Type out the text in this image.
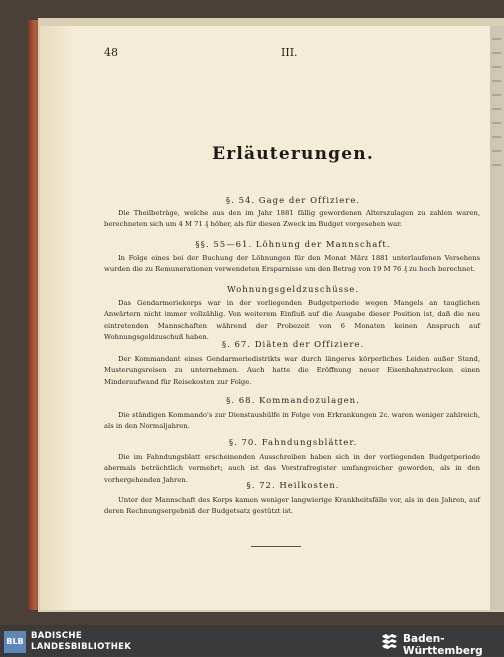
48	III.
Erläuterungen.
§. 54. Gage der Offiziere.
Die Theilbeträge, welche aus den im Jahr 1881 fällig gewordenen Alterszulagen zu zahlen waren, berechneten sich um 4 M 71 ₰ höher, als für diesen Zweck im Budget vorgesehen war.
§§. 55—61. Löhnung der Mannschaft.
In Folge eines bei der Buchung der Löhnungen für den Monat März 1881 unterlaufenen Versehens wurden die zu Remunerationen verwendeten Ersparnisse um den Betrag von 19 M 76 ₰ zu hoch berechnet.
Wohnungsgeldzuschüsse.
Das Gendarmeriekorps war in der vorliegenden Budgetperiode wegen Mangels an tauglichen Anwärtern nicht immer vollzählig. Von weiterem Einfluß auf die Ausgabe dieser Position ist, daß die neu eintretenden Mannschaften während der Probezeit von 6 Monaten keinen Anspruch auf Wohnungsgeldzuschuß haben.
§. 67. Diäten der Offiziere.
Der Kommandant eines Gendarmeriedistrikts war durch längeres körperliches Leiden außer Stand, Musterungsreisen zu unternehmen. Auch hatte die Eröffnung neuer Eisenbahnstrecken einen Minderaufwand für Reisekosten zur Folge.
§. 68. Kommandozulagen.
Die ständigen Kommando's zur Dienstaushülfe in Folge von Erkrankungen 2c. waren weniger zahlreich, als in den Normaljahren.
§. 70. Fahndungsblätter.
Die im Fahndungsblatt erscheinenden Ausschreiben haben sich in der vorliegenden Budgetperiode abermals beträchtlich vermehrt; auch ist das Vorstrafregister umfangreicher geworden, als in den vorhergehenden Jahren.
§. 72. Heilkosten.
Unter der Mannschaft des Korps kamen weniger langwierige Krankheitsfälle vor, als in den Jahren, auf deren Rechnungsergebniß der Budgetsatz gestützt ist.
BLB
BADISCHE
LANDESBIBLIOTHEK
Baden-Württemberg
